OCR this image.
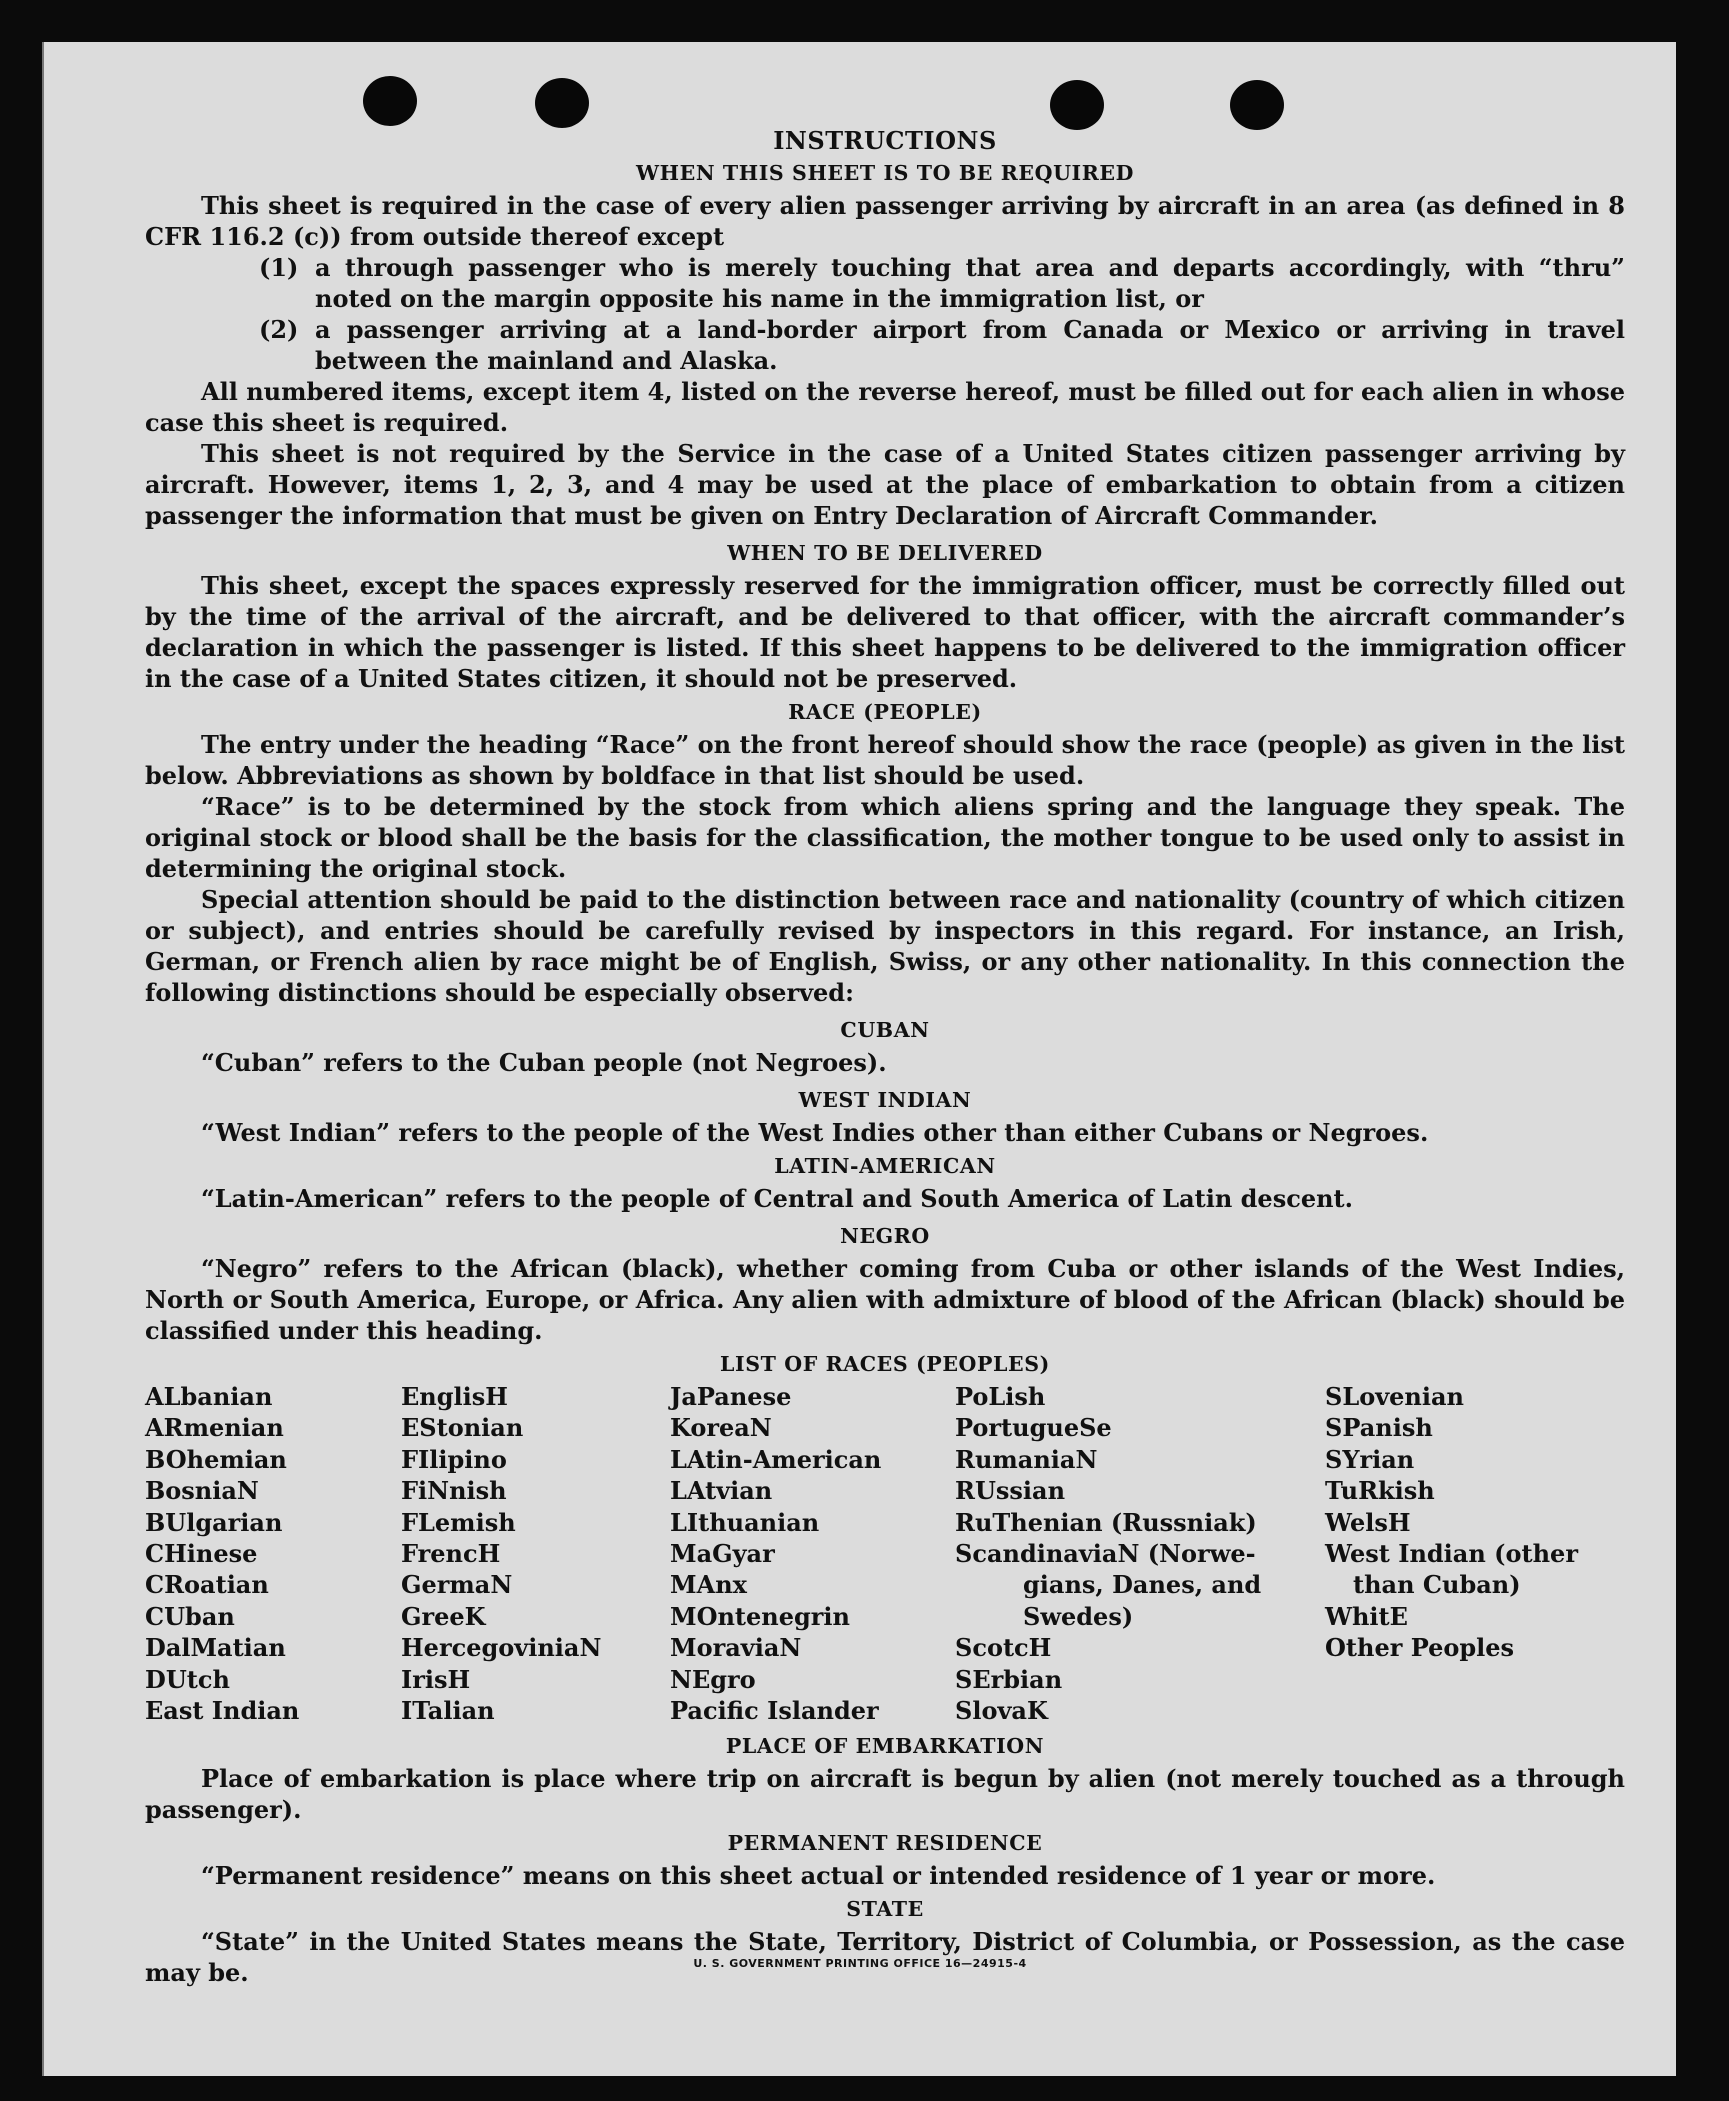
INSTRUCTIONS
WHEN THIS SHEET IS TO BE REQUIRED

This sheet is required in the case of every alien passenger arriving by aircraft in an area (as defined in 8 CFR 116.2 (c)) from outside thereof except

(1) a through passenger who is merely touching that area and departs accordingly, with “thru” noted on the margin opposite his name in the immigration list, or

(2) a passenger arriving at a land-border airport from Canada or Mexico or arriving in travel between the mainland and Alaska.

All numbered items, except item 4, listed on the reverse hereof, must be filled out for each alien in whose case this sheet is required.

This sheet is not required by the Service in the case of a United States citizen passenger arriving by aircraft. However, items 1, 2, 3, and 4 may be used at the place of embarkation to obtain from a citizen passenger the information that must be given on Entry Declaration of Aircraft Commander.

WHEN TO BE DELIVERED

This sheet, except the spaces expressly reserved for the immigration officer, must be correctly filled out by the time of the arrival of the aircraft, and be delivered to that officer, with the aircraft commander’s declaration in which the passenger is listed. If this sheet happens to be delivered to the immigration officer in the case of a United States citizen, it should not be preserved.

RACE (PEOPLE)

The entry under the heading “Race” on the front hereof should show the race (people) as given in the list below. Abbreviations as shown by boldface in that list should be used.

“Race” is to be determined by the stock from which aliens spring and the language they speak. The original stock or blood shall be the basis for the classification, the mother tongue to be used only to assist in determining the original stock.

Special attention should be paid to the distinction between race and nationality (country of which citizen or subject), and entries should be carefully revised by inspectors in this regard. For instance, an Irish, German, or French alien by race might be of English, Swiss, or any other nationality. In this connection the following distinctions should be especially observed:

CUBAN

“Cuban” refers to the Cuban people (not Negroes).

WEST INDIAN

“West Indian” refers to the people of the West Indies other than either Cubans or Negroes.

LATIN-AMERICAN

“Latin-American” refers to the people of Central and South America of Latin descent.

NEGRO

“Negro” refers to the African (black), whether coming from Cuba or other islands of the West Indies, North or South America, Europe, or Africa. Any alien with admixture of blood of the African (black) should be classified under this heading.

LIST OF RACES (PEOPLES)
ALbanian
ARmenian
BOhemian
BosniaN
BUlgarian
CHinese
CRoatian
CUban
DalMatian
DUtch
East Indian
EnglisH
EStonian
FIlipino
FiNnish
FLemish
FrencH
GermaN
GreeK
HercegoviniaN
IrisH
ITalian
JaPanese
KoreaN
LAtin-American
LAtvian
LIthuanian
MaGyar
MAnx
MOntenegrin
MoraviaN
NEgro
Pacific Islander
PoLish
PortugueSe
RumaniaN
RUssian
RuThenian (Russniak)
ScandinaviaN (Norwe-
gians, Danes, and
Swedes)
ScotcH
SErbian
SlovaK
SLovenian
SPanish
SYrian
TuRkish
WelsH
West Indian (other
than Cuban)
WhitE
Other Peoples
PLACE OF EMBARKATION

Place of embarkation is place where trip on aircraft is begun by alien (not merely touched as a through passenger).

PERMANENT RESIDENCE

“Permanent residence” means on this sheet actual or intended residence of 1 year or more.

STATE

“State” in the United States means the State, Territory, District of Columbia, or Possession, as the case may be.	U. S. GOVERNMENT PRINTING OFFICE 16—24915-4
